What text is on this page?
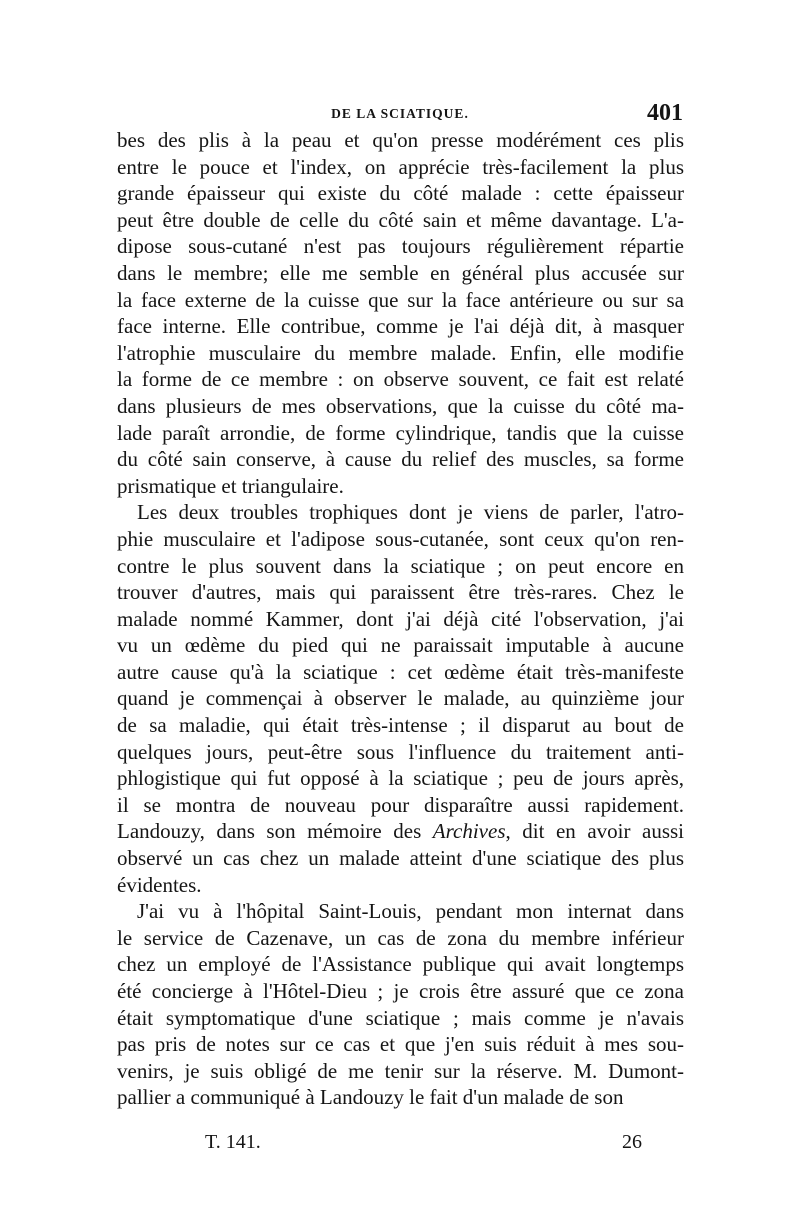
DE LA SCIATIQUE.	401
bes des plis à la peau et qu'on presse modérément ces plis
entre le pouce et l'index, on apprécie très-facilement la plus
grande épaisseur qui existe du côté malade : cette épaisseur
peut être double de celle du côté sain et même davantage. L'a-
dipose sous-cutané n'est pas toujours régulièrement répartie
dans le membre; elle me semble en général plus accusée sur
la face externe de la cuisse que sur la face antérieure ou sur sa
face interne. Elle contribue, comme je l'ai déjà dit, à masquer
l'atrophie musculaire du membre malade. Enfin, elle modifie
la forme de ce membre : on observe souvent, ce fait est relaté
dans plusieurs de mes observations, que la cuisse du côté ma-
lade paraît arrondie, de forme cylindrique, tandis que la cuisse
du côté sain conserve, à cause du relief des muscles, sa forme
prismatique et triangulaire.
Les deux troubles trophiques dont je viens de parler, l'atro-
phie musculaire et l'adipose sous-cutanée, sont ceux qu'on ren-
contre le plus souvent dans la sciatique ; on peut encore en
trouver d'autres, mais qui paraissent être très-rares. Chez le
malade nommé Kammer, dont j'ai déjà cité l'observation, j'ai
vu un œdème du pied qui ne paraissait imputable à aucune
autre cause qu'à la sciatique : cet œdème était très-manifeste
quand je commençai à observer le malade, au quinzième jour
de sa maladie, qui était très-intense ; il disparut au bout de
quelques jours, peut-être sous l'influence du traitement anti-
phlogistique qui fut opposé à la sciatique ; peu de jours après,
il se montra de nouveau pour disparaître aussi rapidement.
Landouzy, dans son mémoire des Archives, dit en avoir aussi
observé un cas chez un malade atteint d'une sciatique des plus
évidentes.
J'ai vu à l'hôpital Saint-Louis, pendant mon internat dans
le service de Cazenave, un cas de zona du membre inférieur
chez un employé de l'Assistance publique qui avait longtemps
été concierge à l'Hôtel-Dieu ; je crois être assuré que ce zona
était symptomatique d'une sciatique ; mais comme je n'avais
pas pris de notes sur ce cas et que j'en suis réduit à mes sou-
venirs, je suis obligé de me tenir sur la réserve. M. Dumont-
pallier a communiqué à Landouzy le fait d'un malade de son
T. 141.	26
